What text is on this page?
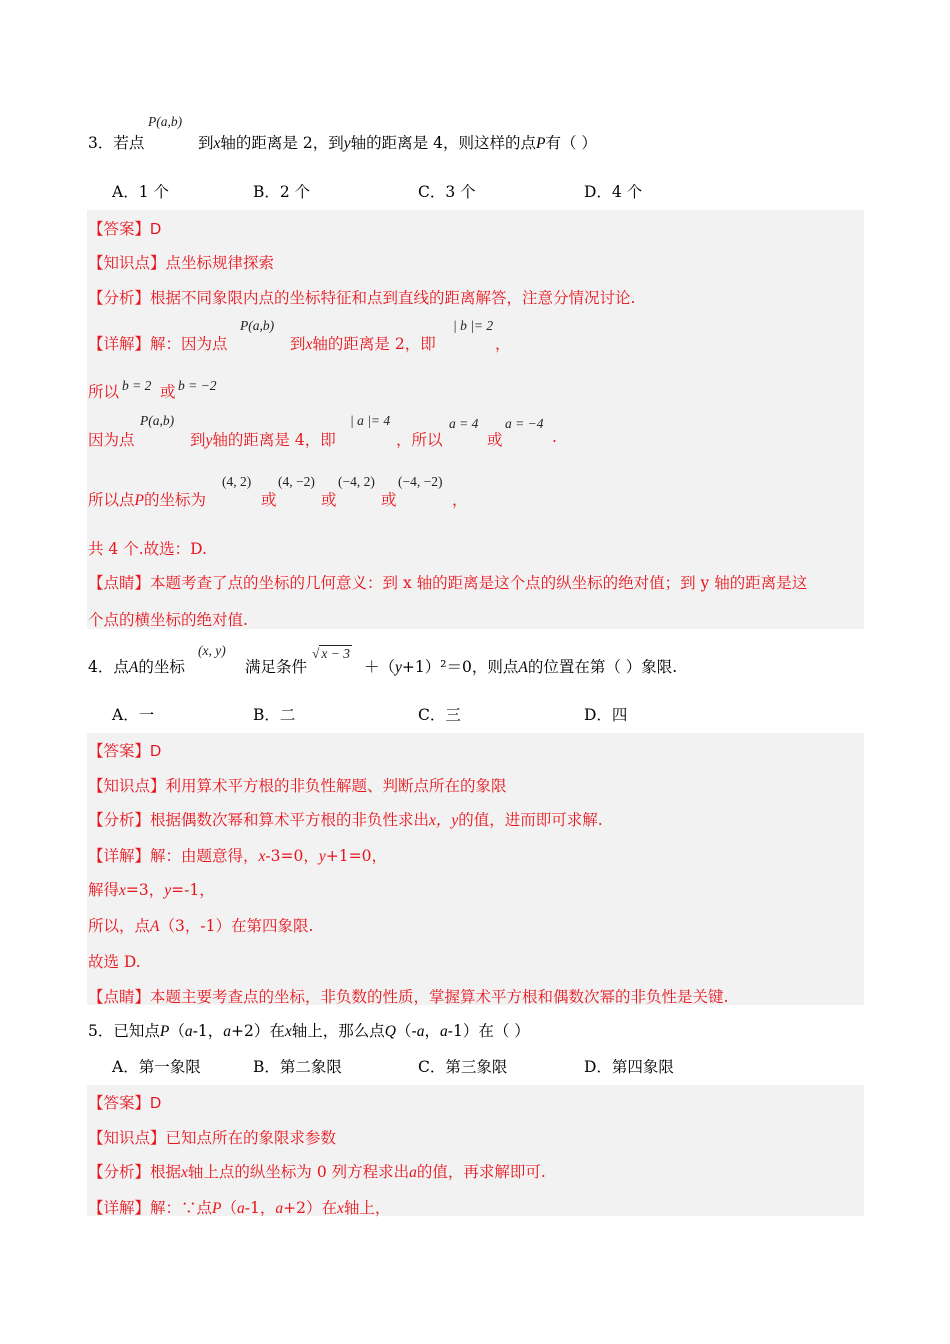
3．若点
P(a,b)
到x轴的距离是 2，到y轴的距离是 4，则这样的点P有（ ）
A．1 个	B．2 个	C．3 个	D．4 个
【答案】D
【知识点】点坐标规律探索
【分析】根据不同象限内点的坐标特征和点到直线的距离解答，注意分情况讨论.
【详解】解：因为点
P(a,b)
到x轴的距离是 2，即
| b |= 2
，
所以 b = 2 或 b = −2
因为点
P(a,b)
到y轴的距离是 4，即
| a |= 4
，所以
a = 4
或
a = −4
.
所以点P的坐标为
(4, 2)
或
(4, −2)
或
(−4, 2)
或
(−4, −2)
，
共 4 个.故选：D.
【点睛】本题考查了点的坐标的几何意义：到 x 轴的距离是这个点的纵坐标的绝对值；到 y 轴的距离是这
个点的横坐标的绝对值.
4．点A的坐标
(x, y)
满足条件
√ x − 3
＋（y+1）²＝0，则点A的位置在第（ ）象限.
A．一	B．二	C．三	D．四
【答案】D
【知识点】利用算术平方根的非负性解题、判断点所在的象限
【分析】根据偶数次幂和算术平方根的非负性求出x，y的值，进而即可求解.
【详解】解：由题意得，x-3=0，y+1=0，
解得x=3，y=-1，
所以，点A（3，-1）在第四象限.
故选 D.
【点睛】本题主要考查点的坐标，非负数的性质，掌握算术平方根和偶数次幂的非负性是关键.
5．已知点P（a-1，a+2）在x轴上，那么点Q（-a，a-1）在（ ）
A．第一象限	B．第二象限	C．第三象限	D．第四象限
【答案】D
【知识点】已知点所在的象限求参数
【分析】根据x轴上点的纵坐标为 0 列方程求出a的值，再求解即可.
【详解】解：∵点P（a-1，a+2）在x轴上，
